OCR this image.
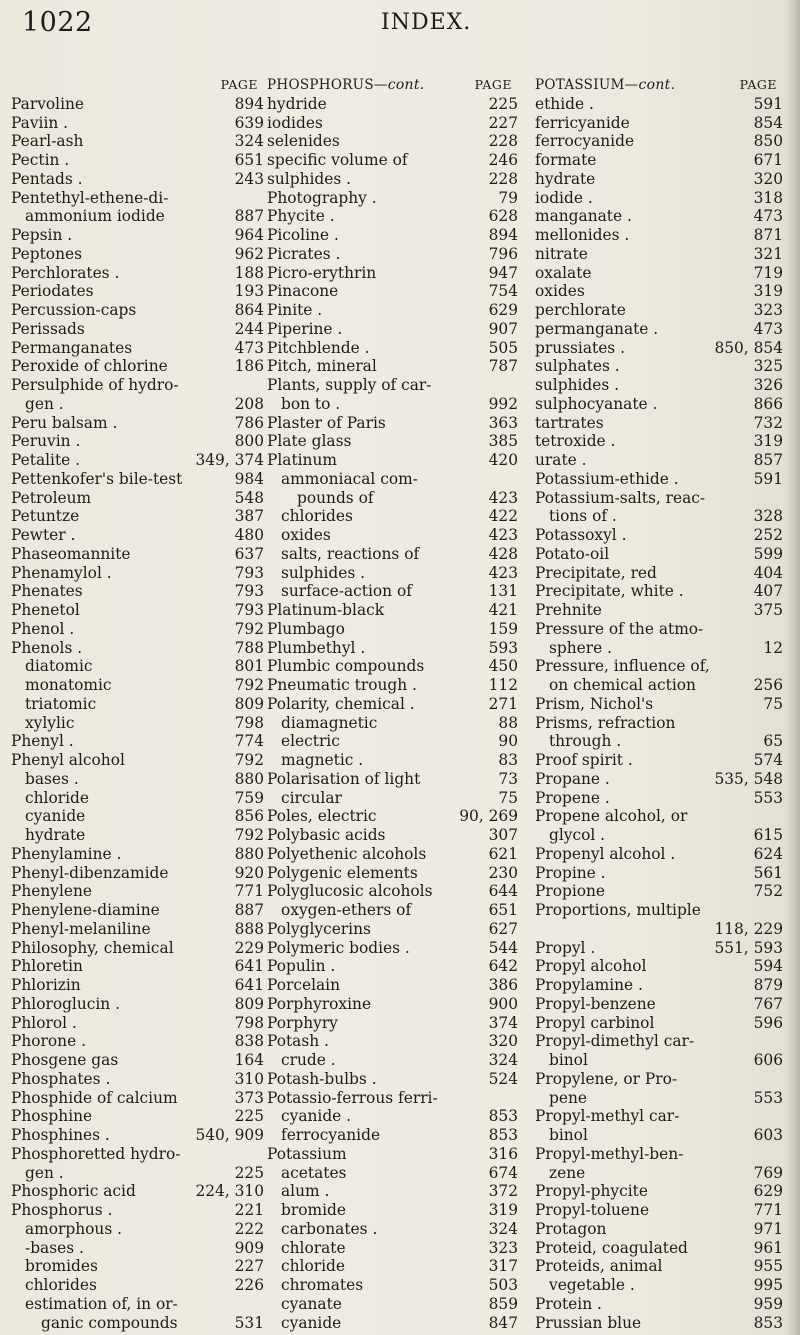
1022	INDEX.
PAGE
Parvoline	894
Paviin .	639
Pearl-ash	324
Pectin .	651
Pentads .	243
Pentethyl-ethene-di-
ammonium iodide	887
Pepsin .	964
Peptones	962
Perchlorates .	188
Periodates	193
Percussion-caps	864
Perissads	244
Permanganates	473
Peroxide of chlorine	186
Persulphide of hydro-
gen .	208
Peru balsam .	786
Peruvin .	800
Petalite .	349, 374
Pettenkofer's bile-test	984
Petroleum	548
Petuntze	387
Pewter .	480
Phaseomannite	637
Phenamylol .	793
Phenates	793
Phenetol	793
Phenol .	792
Phenols .	788
diatomic	801
monatomic	792
triatomic	809
xylylic	798
Phenyl .	774
Phenyl alcohol	792
bases .	880
chloride	759
cyanide	856
hydrate	792
Phenylamine .	880
Phenyl-dibenzamide	920
Phenylene	771
Phenylene-diamine	887
Phenyl-melaniline	888
Philosophy, chemical	229
Phloretin	641
Phlorizin	641
Phloroglucin .	809
Phlorol .	798
Phorone .	838
Phosgene gas	164
Phosphates .	310
Phosphide of calcium	373
Phosphine	225
Phosphines .	540, 909
Phosphoretted hydro-
gen .	225
Phosphoric acid	224, 310
Phosphorus .	221
amorphous .	222
-bases .	909
bromides	227
chlorides	226
estimation of, in or-
ganic compounds	531
PHOSPHORUS—cont.	PAGE
hydride	225
iodides	227
selenides	228
specific volume of	246
sulphides .	228
Photography .	79
Phycite .	628
Picoline .	894
Picrates .	796
Picro-erythrin	947
Pinacone	754
Pinite .	629
Piperine .	907
Pitchblende .	505
Pitch, mineral	787
Plants, supply of car-
bon to .	992
Plaster of Paris	363
Plate glass	385
Platinum	420
ammoniacal com-
pounds of	423
chlorides	422
oxides	423
salts, reactions of	428
sulphides .	423
surface-action of	131
Platinum-black	421
Plumbago	159
Plumbethyl .	593
Plumbic compounds	450
Pneumatic trough .	112
Polarity, chemical .	271
diamagnetic	88
electric	90
magnetic .	83
Polarisation of light	73
circular	75
Poles, electric	90, 269
Polybasic acids	307
Polyethenic alcohols	621
Polygenic elements	230
Polyglucosic alcohols	644
oxygen-ethers of	651
Polyglycerins	627
Polymeric bodies .	544
Populin .	642
Porcelain	386
Porphyroxine	900
Porphyry	374
Potash .	320
crude .	324
Potash-bulbs .	524
Potassio-ferrous ferri-
cyanide .	853
ferrocyanide	853
Potassium	316
acetates	674
alum .	372
bromide	319
carbonates .	324
chlorate	323
chloride	317
chromates	503
cyanate	859
cyanide	847
POTASSIUM—cont.	PAGE
ethide .	591
ferricyanide	854
ferrocyanide	850
formate	671
hydrate	320
iodide .	318
manganate .	473
mellonides .	871
nitrate	321
oxalate	719
oxides	319
perchlorate	323
permanganate .	473
prussiates .	850, 854
sulphates .	325
sulphides .	326
sulphocyanate .	866
tartrates	732
tetroxide .	319
urate .	857
Potassium-ethide .	591
Potassium-salts, reac-
tions of .	328
Potassoxyl .	252
Potato-oil	599
Precipitate, red	404
Precipitate, white .	407
Prehnite	375
Pressure of the atmo-
sphere .	12
Pressure, influence of,
on chemical action	256
Prism, Nichol's	75
Prisms, refraction
through .	65
Proof spirit .	574
Propane .	535, 548
Propene .	553
Propene alcohol, or
glycol .	615
Propenyl alcohol .	624
Propine .	561
Propione	752
Proportions, multiple
118, 229
Propyl .	551, 593
Propyl alcohol	594
Propylamine .	879
Propyl-benzene	767
Propyl carbinol	596
Propyl-dimethyl car-
binol	606
Propylene, or Pro-
pene	553
Propyl-methyl car-
binol	603
Propyl-methyl-ben-
zene	769
Propyl-phycite	629
Propyl-toluene	771
Protagon	971
Proteid, coagulated	961
Proteids, animal	955
vegetable .	995
Protein .	959
Prussian blue	853
